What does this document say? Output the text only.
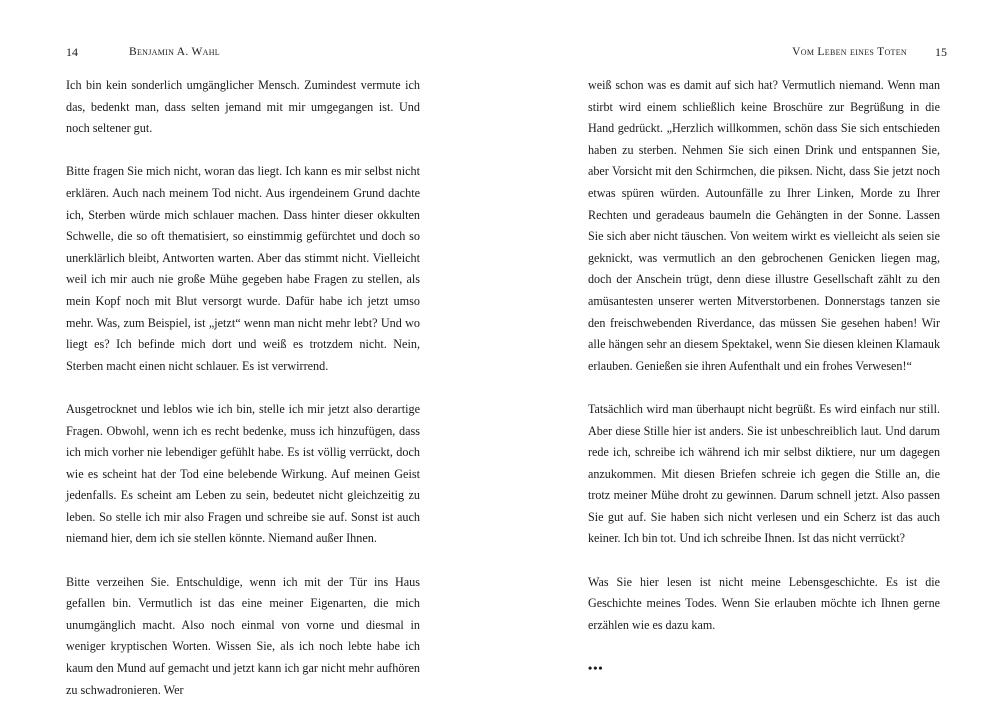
14	Benjamin A. Wahl

Ich bin kein sonderlich umgänglicher Mensch. Zumindest vermute ich das, bedenkt man, dass selten jemand mit mir umgegangen ist. Und noch seltener gut.

Bitte fragen Sie mich nicht, woran das liegt. Ich kann es mir selbst nicht erklären. Auch nach meinem Tod nicht. Aus irgendeinem Grund dachte ich, Sterben würde mich schlauer machen. Dass hinter dieser okkulten Schwelle, die so oft thematisiert, so einstimmig gefürchtet und doch so unerklärlich bleibt, Antworten warten. Aber das stimmt nicht. Vielleicht weil ich mir auch nie große Mühe gegeben habe Fragen zu stellen, als mein Kopf noch mit Blut versorgt wurde. Dafür habe ich jetzt umso mehr. Was, zum Beispiel, ist „jetzt“ wenn man nicht mehr lebt? Und wo liegt es? Ich befinde mich dort und weiß es trotzdem nicht. Nein, Sterben macht einen nicht schlauer. Es ist verwirrend.

Ausgetrocknet und leblos wie ich bin, stelle ich mir jetzt also derartige Fragen. Obwohl, wenn ich es recht bedenke, muss ich hinzufügen, dass ich mich vorher nie lebendiger gefühlt habe. Es ist völlig verrückt, doch wie es scheint hat der Tod eine belebende Wirkung. Auf meinen Geist jedenfalls. Es scheint am Leben zu sein, bedeutet nicht gleichzeitig zu leben. So stelle ich mir also Fragen und schreibe sie auf. Sonst ist auch niemand hier, dem ich sie stellen könnte. Niemand außer Ihnen.

Bitte verzeihen Sie. Entschuldige, wenn ich mit der Tür ins Haus gefallen bin. Vermutlich ist das eine meiner Eigenarten, die mich unumgänglich macht. Also noch einmal von vorne und diesmal in weniger kryptischen Worten. Wissen Sie, als ich noch lebte habe ich kaum den Mund auf gemacht und jetzt kann ich gar nicht mehr aufhören zu schwadronieren. Wer

Vom Leben eines Toten 15

weiß schon was es damit auf sich hat? Vermutlich niemand. Wenn man stirbt wird einem schließlich keine Broschüre zur Begrüßung in die Hand gedrückt. „Herzlich willkommen, schön dass Sie sich entschieden haben zu sterben. Nehmen Sie sich einen Drink und entspannen Sie, aber Vorsicht mit den Schirmchen, die piksen. Nicht, dass Sie jetzt noch etwas spüren würden. Autounfälle zu Ihrer Linken, Morde zu Ihrer Rechten und geradeaus baumeln die Gehängten in der Sonne. Lassen Sie sich aber nicht täuschen. Von weitem wirkt es vielleicht als seien sie geknickt, was vermutlich an den gebrochenen Genicken liegen mag, doch der Anschein trügt, denn diese illustre Gesellschaft zählt zu den amüsantesten unserer werten Mitverstorbenen. Donnerstags tanzen sie den freischwebenden Riverdance, das müssen Sie gesehen haben! Wir alle hängen sehr an diesem Spektakel, wenn Sie diesen kleinen Klamauk erlauben. Genießen sie ihren Aufenthalt und ein frohes Verwesen!“

Tatsächlich wird man überhaupt nicht begrüßt. Es wird einfach nur still. Aber diese Stille hier ist anders. Sie ist unbeschreiblich laut. Und darum rede ich, schreibe ich während ich mir selbst diktiere, nur um dagegen anzukommen. Mit diesen Briefen schreie ich gegen die Stille an, die trotz meiner Mühe droht zu gewinnen. Darum schnell jetzt. Also passen Sie gut auf. Sie haben sich nicht verlesen und ein Scherz ist das auch keiner. Ich bin tot. Und ich schreibe Ihnen. Ist das nicht verrückt?

Was Sie hier lesen ist nicht meine Lebensgeschichte. Es ist die Geschichte meines Todes. Wenn Sie erlauben möchte ich Ihnen gerne erzählen wie es dazu kam.

•••
